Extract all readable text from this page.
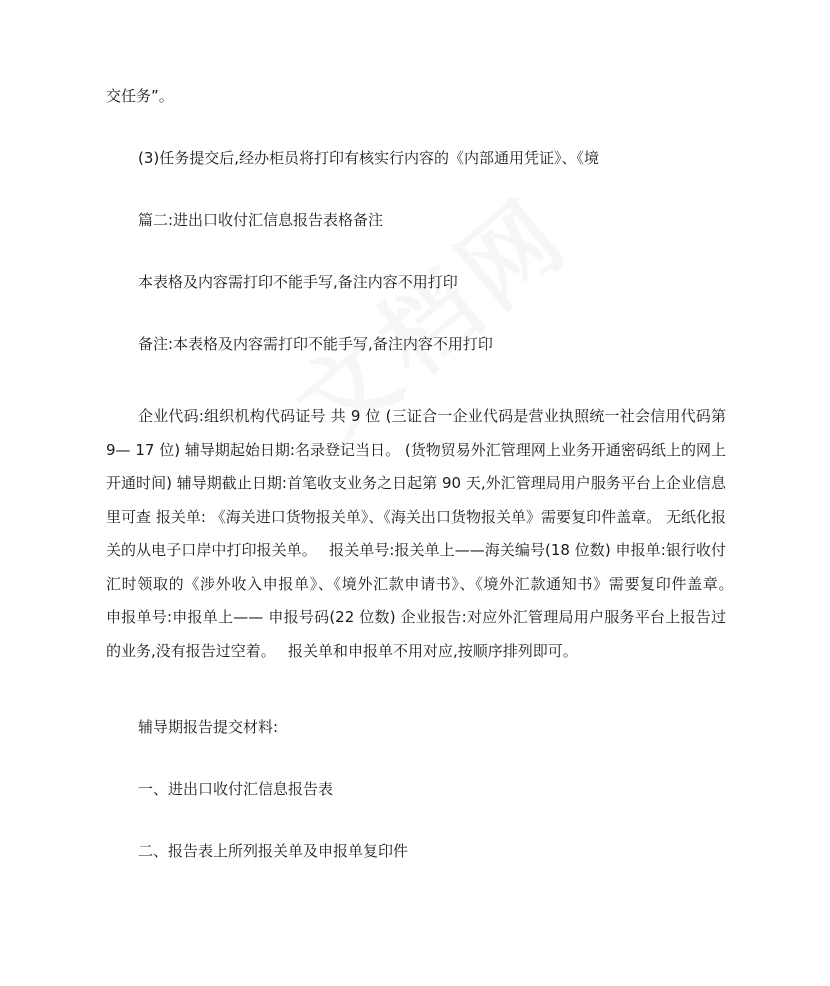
交任务”。
(3)任务提交后,经办柜员将打印有核实行内容的《内部通用凭证》、《境
篇二:进出口收付汇信息报告表格备注
本表格及内容需打印不能手写,备注内容不用打印
备注:本表格及内容需打印不能手写,备注内容不用打印

企业代码:组织机构代码证号 共 9 位 (三证合一企业代码是营业执照统一社会信用代码第 9— 17 位) 辅导期起始日期:名录登记当日。 (货物贸易外汇管理网上业务开通密码纸上的网上开通时间) 辅导期截止日期:首笔收支业务之日起第 90 天,外汇管理局用户服务平台上企业信息里可查 报关单: 《海关进口货物报关单》、《海关出口货物报关单》需要复印件盖章。 无纸化报关的从电子口岸中打印报关单。　 报关单号:报关单上——海关编号(18 位数) 申报单:银行收付汇时领取的《涉外收入申报单》、《境外汇款申请书》、《境外汇款通知书》需要复印件盖章。　 申报单号:申报单上—— 申报号码(22 位数) 企业报告:对应外汇管理局用户服务平台上报告过的业务,没有报告过空着。　 报关单和申报单不用对应,按顺序排列即可。

辅导期报告提交材料:
一、进出口收付汇信息报告表
二、报告表上所列报关单及申报单复印件
